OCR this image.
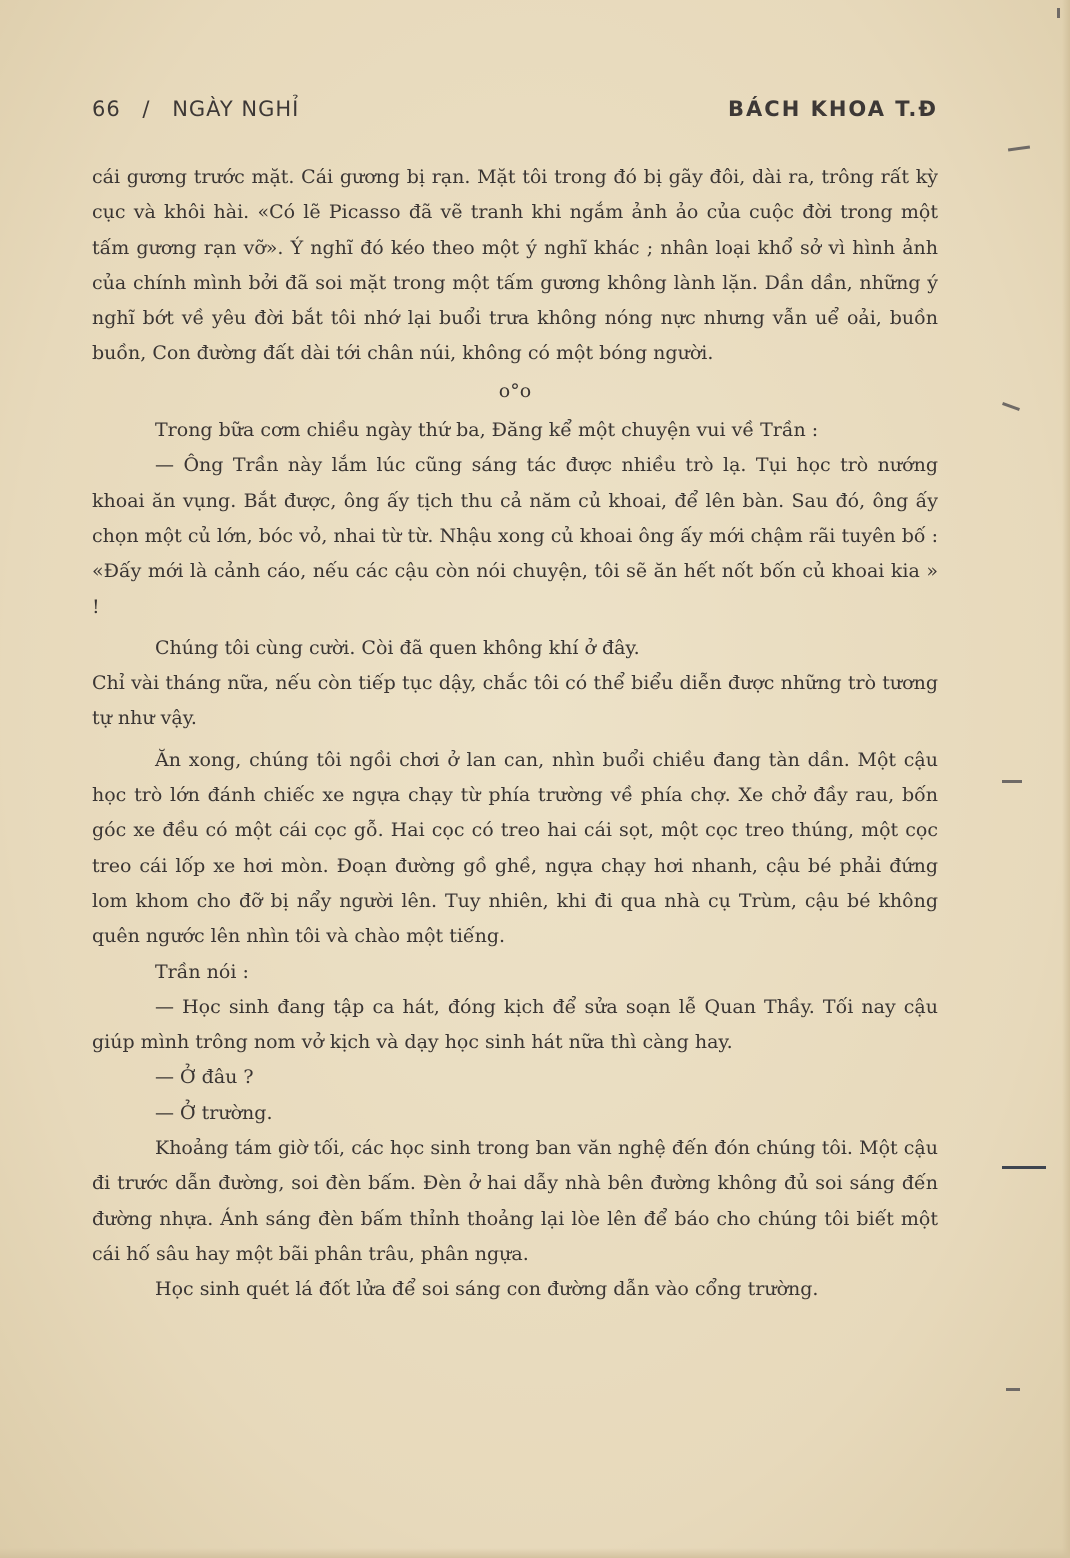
66 / NGÀY NGHỈ	BÁCH KHOA T.Đ

cái gương trước mặt. Cái gương bị rạn. Mặt tôi trong đó bị gãy đôi, dài ra, trông rất kỳ cục và khôi hài. «Có lẽ Picasso đã vẽ tranh khi ngắm ảnh ảo của cuộc đời trong một tấm gương rạn vỡ». Ý nghĩ đó kéo theo một ý nghĩ khác ; nhân loại khổ sở vì hình ảnh của chính mình bởi đã soi mặt trong một tấm gương không lành lặn. Dần dần, những ý nghĩ bớt về yêu đời bắt tôi nhớ lại buổi trưa không nóng nực nhưng vẫn uể oải, buồn buồn, Con đường đất dài tới chân núi, không có một bóng người.

o°o

Trong bữa cơm chiều ngày thứ ba, Đăng kể một chuyện vui về Trần :

— Ông Trần này lắm lúc cũng sáng tác được nhiều trò lạ. Tụi học trò nướng khoai ăn vụng. Bắt được, ông ấy tịch thu cả năm củ khoai, để lên bàn. Sau đó, ông ấy chọn một củ lớn, bóc vỏ, nhai từ từ. Nhậu xong củ khoai ông ấy mới chậm rãi tuyên bố : «Đấy mới là cảnh cáo, nếu các cậu còn nói chuyện, tôi sẽ ăn hết nốt bốn củ khoai kia » !

Chúng tôi cùng cười. Còi đã quen không khí ở đây.

Chỉ vài tháng nữa, nếu còn tiếp tục dậy, chắc tôi có thể biểu diễn được những trò tương tự như vậy.

Ăn xong, chúng tôi ngồi chơi ở lan can, nhìn buổi chiều đang tàn dần. Một cậu học trò lớn đánh chiếc xe ngựa chạy từ phía trường về phía chợ. Xe chở đầy rau, bốn góc xe đều có một cái cọc gỗ. Hai cọc có treo hai cái sọt, một cọc treo thúng, một cọc treo cái lốp xe hơi mòn. Đoạn đường gồ ghề, ngựa chạy hơi nhanh, cậu bé phải đứng lom khom cho đỡ bị nẩy người lên. Tuy nhiên, khi đi qua nhà cụ Trùm, cậu bé không quên ngước lên nhìn tôi và chào một tiếng.

Trần nói :

— Học sinh đang tập ca hát, đóng kịch để sửa soạn lễ Quan Thầy. Tối nay cậu giúp mình trông nom vở kịch và dạy học sinh hát nữa thì càng hay.

— Ở đâu ?

— Ở trường.

Khoảng tám giờ tối, các học sinh trong ban văn nghệ đến đón chúng tôi. Một cậu đi trước dẫn đường, soi đèn bấm. Đèn ở hai dẫy nhà bên đường không đủ soi sáng đến đường nhựa. Ánh sáng đèn bấm thỉnh thoảng lại lòe lên để báo cho chúng tôi biết một cái hố sâu hay một bãi phân trâu, phân ngựa.

Học sinh quét lá đốt lửa để soi sáng con đường dẫn vào cổng trường.
